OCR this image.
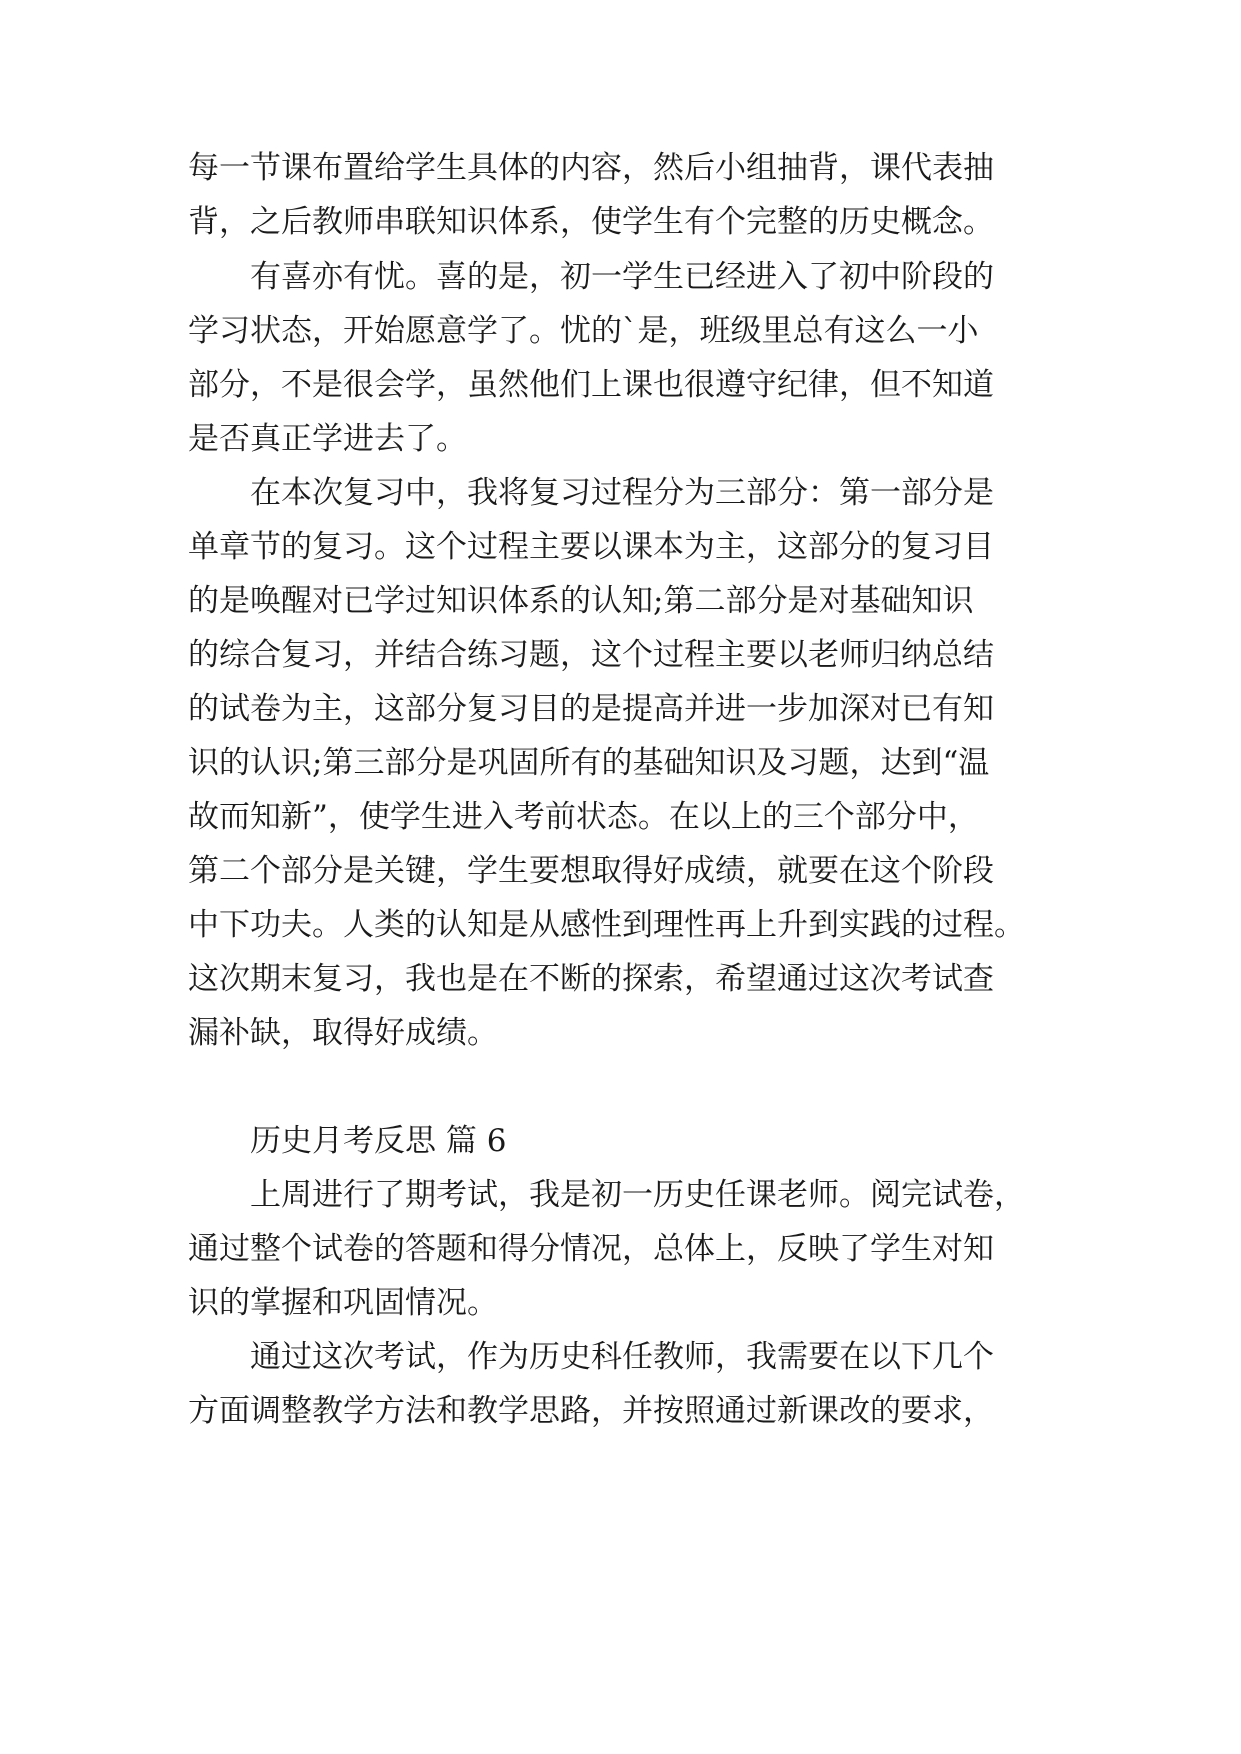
每一节课布置给学生具体的内容，然后小组抽背，课代表抽
背，之后教师串联知识体系，使学生有个完整的历史概念。
有喜亦有忧。喜的是，初一学生已经进入了初中阶段的
学习状态，开始愿意学了。忧的`是，班级里总有这么一小
部分，不是很会学，虽然他们上课也很遵守纪律，但不知道
是否真正学进去了。
在本次复习中，我将复习过程分为三部分：第一部分是
单章节的复习。这个过程主要以课本为主，这部分的复习目
的是唤醒对已学过知识体系的认知;第二部分是对基础知识
的综合复习，并结合练习题，这个过程主要以老师归纳总结
的试卷为主，这部分复习目的是提高并进一步加深对已有知
识的认识;第三部分是巩固所有的基础知识及习题，达到“温
故而知新”，使学生进入考前状态。在以上的三个部分中，
第二个部分是关键，学生要想取得好成绩，就要在这个阶段
中下功夫。人类的认知是从感性到理性再上升到实践的过程。
这次期末复习，我也是在不断的探索，希望通过这次考试查
漏补缺，取得好成绩。
历史月考反思 篇 6
上周进行了期考试，我是初一历史任课老师。阅完试卷，
通过整个试卷的答题和得分情况，总体上，反映了学生对知
识的掌握和巩固情况。
通过这次考试，作为历史科任教师，我需要在以下几个
方面调整教学方法和教学思路，并按照通过新课改的要求，
